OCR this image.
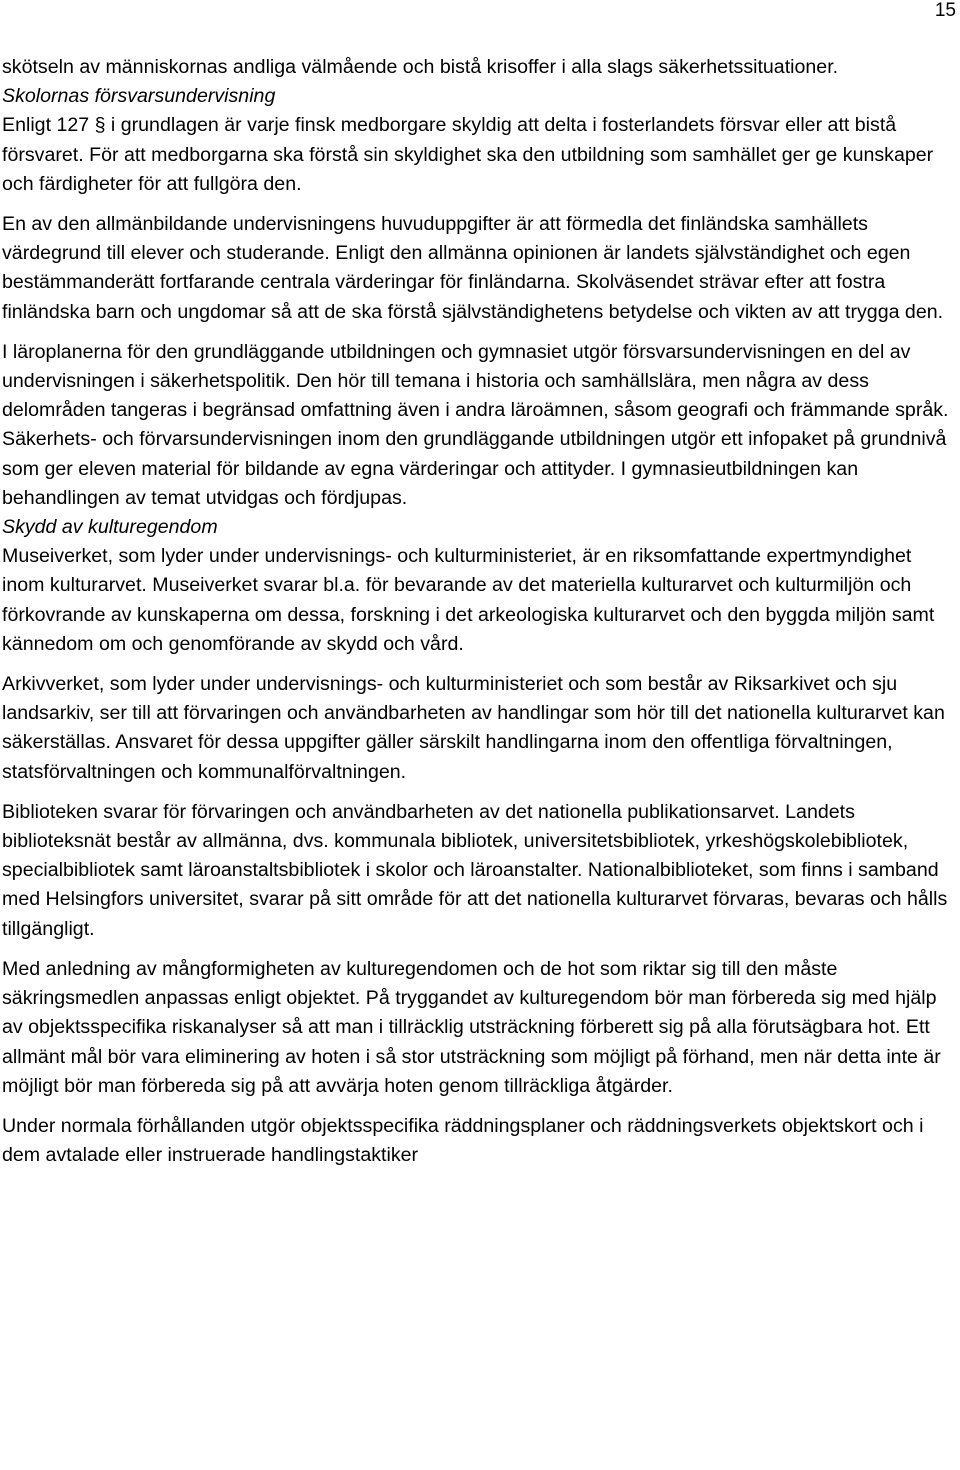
15

skötseln av människornas andliga välmående och bistå krisoffer i alla slags säkerhetssituationer.

Skolornas försvarsundervisning

Enligt 127 § i grundlagen är varje finsk medborgare skyldig att delta i fosterlandets försvar eller att bistå försvaret. För att medborgarna ska förstå sin skyldighet ska den utbildning som samhället ger ge kunskaper och färdigheter för att fullgöra den.

En av den allmänbildande undervisningens huvuduppgifter är att förmedla det finländska samhällets värdegrund till elever och studerande. Enligt den allmänna opinionen är landets självständighet och egen bestämmanderätt fortfarande centrala värderingar för finländarna. Skolväsendet strävar efter att fostra finländska barn och ungdomar så att de ska förstå självständighetens betydelse och vikten av att trygga den.

I läroplanerna för den grundläggande utbildningen och gymnasiet utgör försvarsundervisningen en del av undervisningen i säkerhetspolitik. Den hör till temana i historia och samhällslära, men några av dess delområden tangeras i begränsad omfattning även i andra läroämnen, såsom geografi och främmande språk. Säkerhets- och förvarsundervisningen inom den grundläggande utbildningen utgör ett infopaket på grundnivå som ger eleven material för bildande av egna värderingar och attityder. I gymnasieutbildningen kan behandlingen av temat utvidgas och fördjupas.

Skydd av kulturegendom

Museiverket, som lyder under undervisnings- och kulturministeriet, är en riksomfattande expertmyndighet inom kulturarvet. Museiverket svarar bl.a. för bevarande av det materiella kulturarvet och kulturmiljön och förkovrande av kunskaperna om dessa, forskning i det arkeologiska kulturarvet och den byggda miljön samt kännedom om och genomförande av skydd och vård.

Arkivverket, som lyder under undervisnings- och kulturministeriet och som består av Riksarkivet och sju landsarkiv, ser till att förvaringen och användbarheten av handlingar som hör till det nationella kulturarvet kan säkerställas. Ansvaret för dessa uppgifter gäller särskilt handlingarna inom den offentliga förvaltningen, statsförvaltningen och kommunalförvaltningen.

Biblioteken svarar för förvaringen och användbarheten av det nationella publikationsarvet. Landets biblioteksnät består av allmänna, dvs. kommunala bibliotek, universitetsbibliotek, yrkeshögskolebibliotek, specialbibliotek samt läroanstaltsbibliotek i skolor och läroanstalter. Nationalbiblioteket, som finns i samband med Helsingfors universitet, svarar på sitt område för att det nationella kulturarvet förvaras, bevaras och hålls tillgängligt.

Med anledning av mångformigheten av kulturegendomen och de hot som riktar sig till den måste säkringsmedlen anpassas enligt objektet. På tryggandet av kulturegendom bör man förbereda sig med hjälp av objektsspecifika riskanalyser så att man i tillräcklig utsträckning förberett sig på alla förutsägbara hot. Ett allmänt mål bör vara eliminering av hoten i så stor utsträckning som möjligt på förhand, men när detta inte är möjligt bör man förbereda sig på att avvärja hoten genom tillräckliga åtgärder.

Under normala förhållanden utgör objektsspecifika räddningsplaner och räddningsverkets objektskort och i dem avtalade eller instruerade handlingstaktiker
